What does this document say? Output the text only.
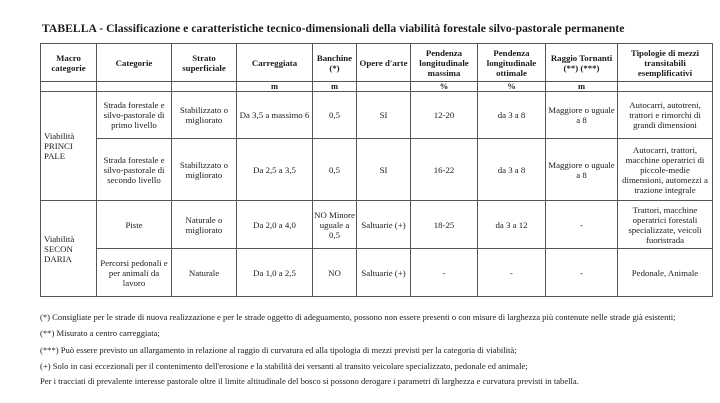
TABELLA - Classificazione e caratteristiche tecnico-dimensionali della viabilità forestale silvo-pastorale permanente
Macro categorie	Categorie	Strato superficiale	Carreggiata	Banchine (*)	Opere d'arte	Pendenza longitudinale massima	Pendenza longitudinale ottimale	Raggio Tornanti (**) (***)	Tipologie di mezzi transitabili esemplificativi
			m	m		%	%	m	
Viabilità PRINCI PALE	Strada forestale e silvo-pastorale di primo livello	Stabilizzato o migliorato	Da 3,5 a massimo 6	0,5	SI	12-20	da 3 a 8	Maggiore o uguale a 8	Autocarri, autotreni, trattori e rimorchi di grandi dimensioni
	Strada forestale e silvo-pastorale di secondo livello	Stabilizzato o migliorato	Da 2,5 a 3,5	0,5	SI	16-22	da 3 a 8	Maggiore o uguale a 8	Autocarri, trattori, macchine operatrici di piccole-medie dimensioni, automezzi a trazione integrale
Viabilità SECON DARIA	Piste	Naturale o migliorato	Da 2,0 a 4,0	NO Minore uguale a 0,5	Saltuarie (+)	18-25	da 3 a 12	-	Trattori, macchine operatrici forestali specializzate, veicoli fuoristrada
	Percorsi pedonali e per animali da lavoro	Naturale	Da 1,0 a 2,5	NO	Saltuarie (+)	-	-	-	Pedonale, Animale

(*) Consigliate per le strade di nuova realizzazione e per le strade oggetto di adeguamento, possono non essere presenti o con misure di larghezza più contenute nelle strade già esistenti;

(**) Misurato a centro carreggiata;

(***) Può essere previsto un allargamento in relazione al raggio di curvatura ed alla tipologia di mezzi previsti per la categoria di viabilità;

(+) Solo in casi eccezionali per il contenimento dell'erosione e la stabilità dei versanti al transito veicolare specializzato, pedonale ed animale;

Per i tracciati di prevalente interesse pastorale oltre il limite altitudinale del bosco si possono derogare i parametri di larghezza e curvatura previsti in tabella.
